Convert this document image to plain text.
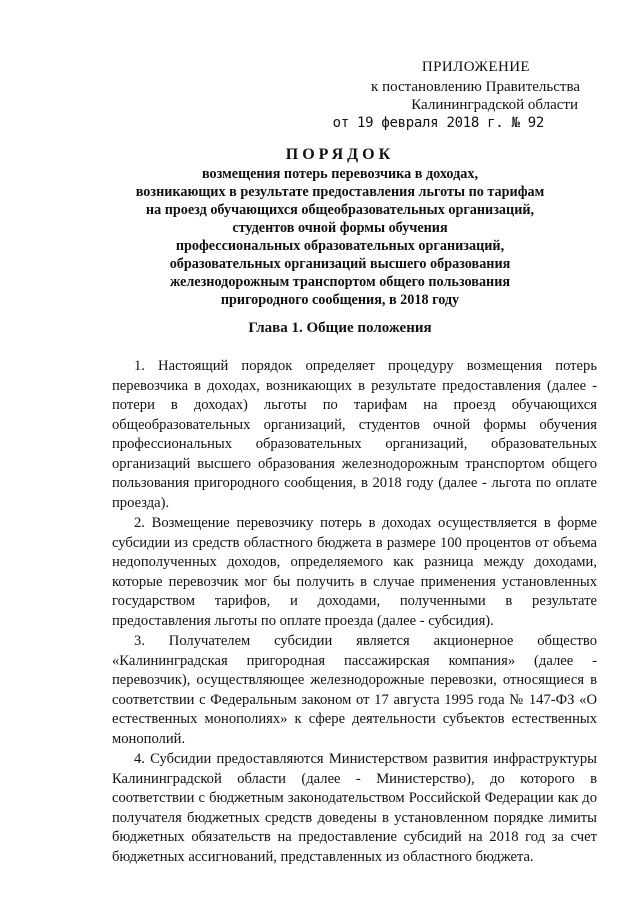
ПРИЛОЖЕНИЕ
к постановлению Правительства
Калининградской области
от 19 февраля 2018 г. № 92
ПОРЯДОК
возмещения потерь перевозчика в доходах,
возникающих в результате предоставления льготы по тарифам
на проезд обучающихся общеобразовательных организаций,
студентов очной формы обучения
профессиональных образовательных организаций,
образовательных организаций высшего образования
железнодорожным транспортом общего пользования
пригородного сообщения, в 2018 году
Глава 1. Общие положения

1. Настоящий порядок определяет процедуру возмещения потерь перевозчика в доходах, возникающих в результате предоставления (далее - потери в доходах) льготы по тарифам на проезд обучающихся общеобразовательных организаций, студентов очной формы обучения профессиональных образовательных организаций, образовательных организаций высшего образования железнодорожным транспортом общего пользования пригородного сообщения, в 2018 году (далее - льгота по оплате проезда).

2. Возмещение перевозчику потерь в доходах осуществляется в форме субсидии из средств областного бюджета в размере 100 процентов от объема недополученных доходов, определяемого как разница между доходами, которые перевозчик мог бы получить в случае применения установленных государством тарифов, и доходами, полученными в результате предоставления льготы по оплате проезда (далее - субсидия).

3. Получателем субсидии является акционерное общество «Калининградская пригородная пассажирская компания» (далее - перевозчик), осуществляющее железнодорожные перевозки, относящиеся в соответствии с Федеральным законом от 17 августа 1995 года № 147-ФЗ «О естественных монополиях» к сфере деятельности субъектов естественных монополий.

4. Субсидии предоставляются Министерством развития инфраструктуры Калининградской области (далее - Министерство), до которого в соответствии с бюджетным законодательством Российской Федерации как до получателя бюджетных средств доведены в установленном порядке лимиты бюджетных обязательств на предоставление субсидий на 2018 год за счет бюджетных ассигнований, представленных из областного бюджета.
